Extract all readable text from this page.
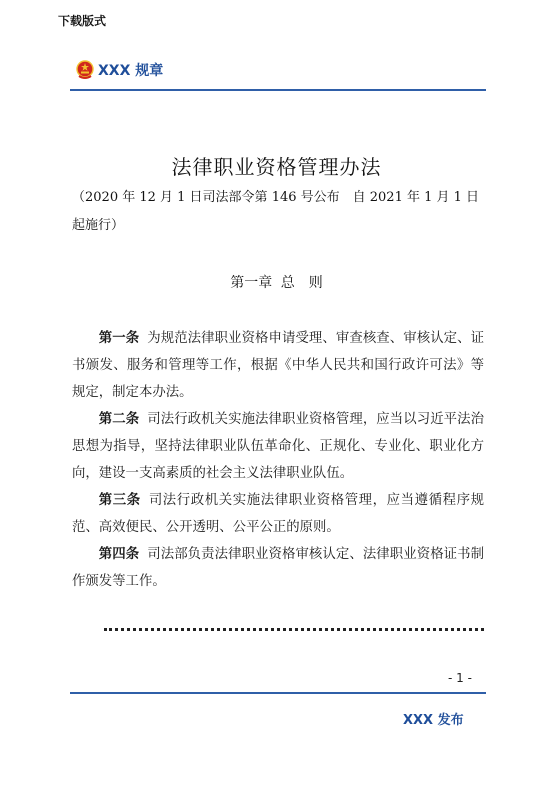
下载版式
XXX 规章
法律职业资格管理办法
（2020 年 12 月 1 日司法部令第 146 号公布　自 2021 年 1 月 1 日起施行）
第一章 总　则

第一条 为规范法律职业资格申请受理、审查核查、审核认定、证书颁发、服务和管理等工作，根据《中华人民共和国行政许可法》等规定，制定本办法。

第二条 司法行政机关实施法律职业资格管理，应当以习近平法治思想为指导，坚持法律职业队伍革命化、正规化、专业化、职业化方向，建设一支高素质的社会主义法律职业队伍。

第三条 司法行政机关实施法律职业资格管理，应当遵循程序规范、高效便民、公开透明、公平公正的原则。

第四条 司法部负责法律职业资格审核认定、法律职业资格证书制作颁发等工作。

- 1 -
XXX 发布
